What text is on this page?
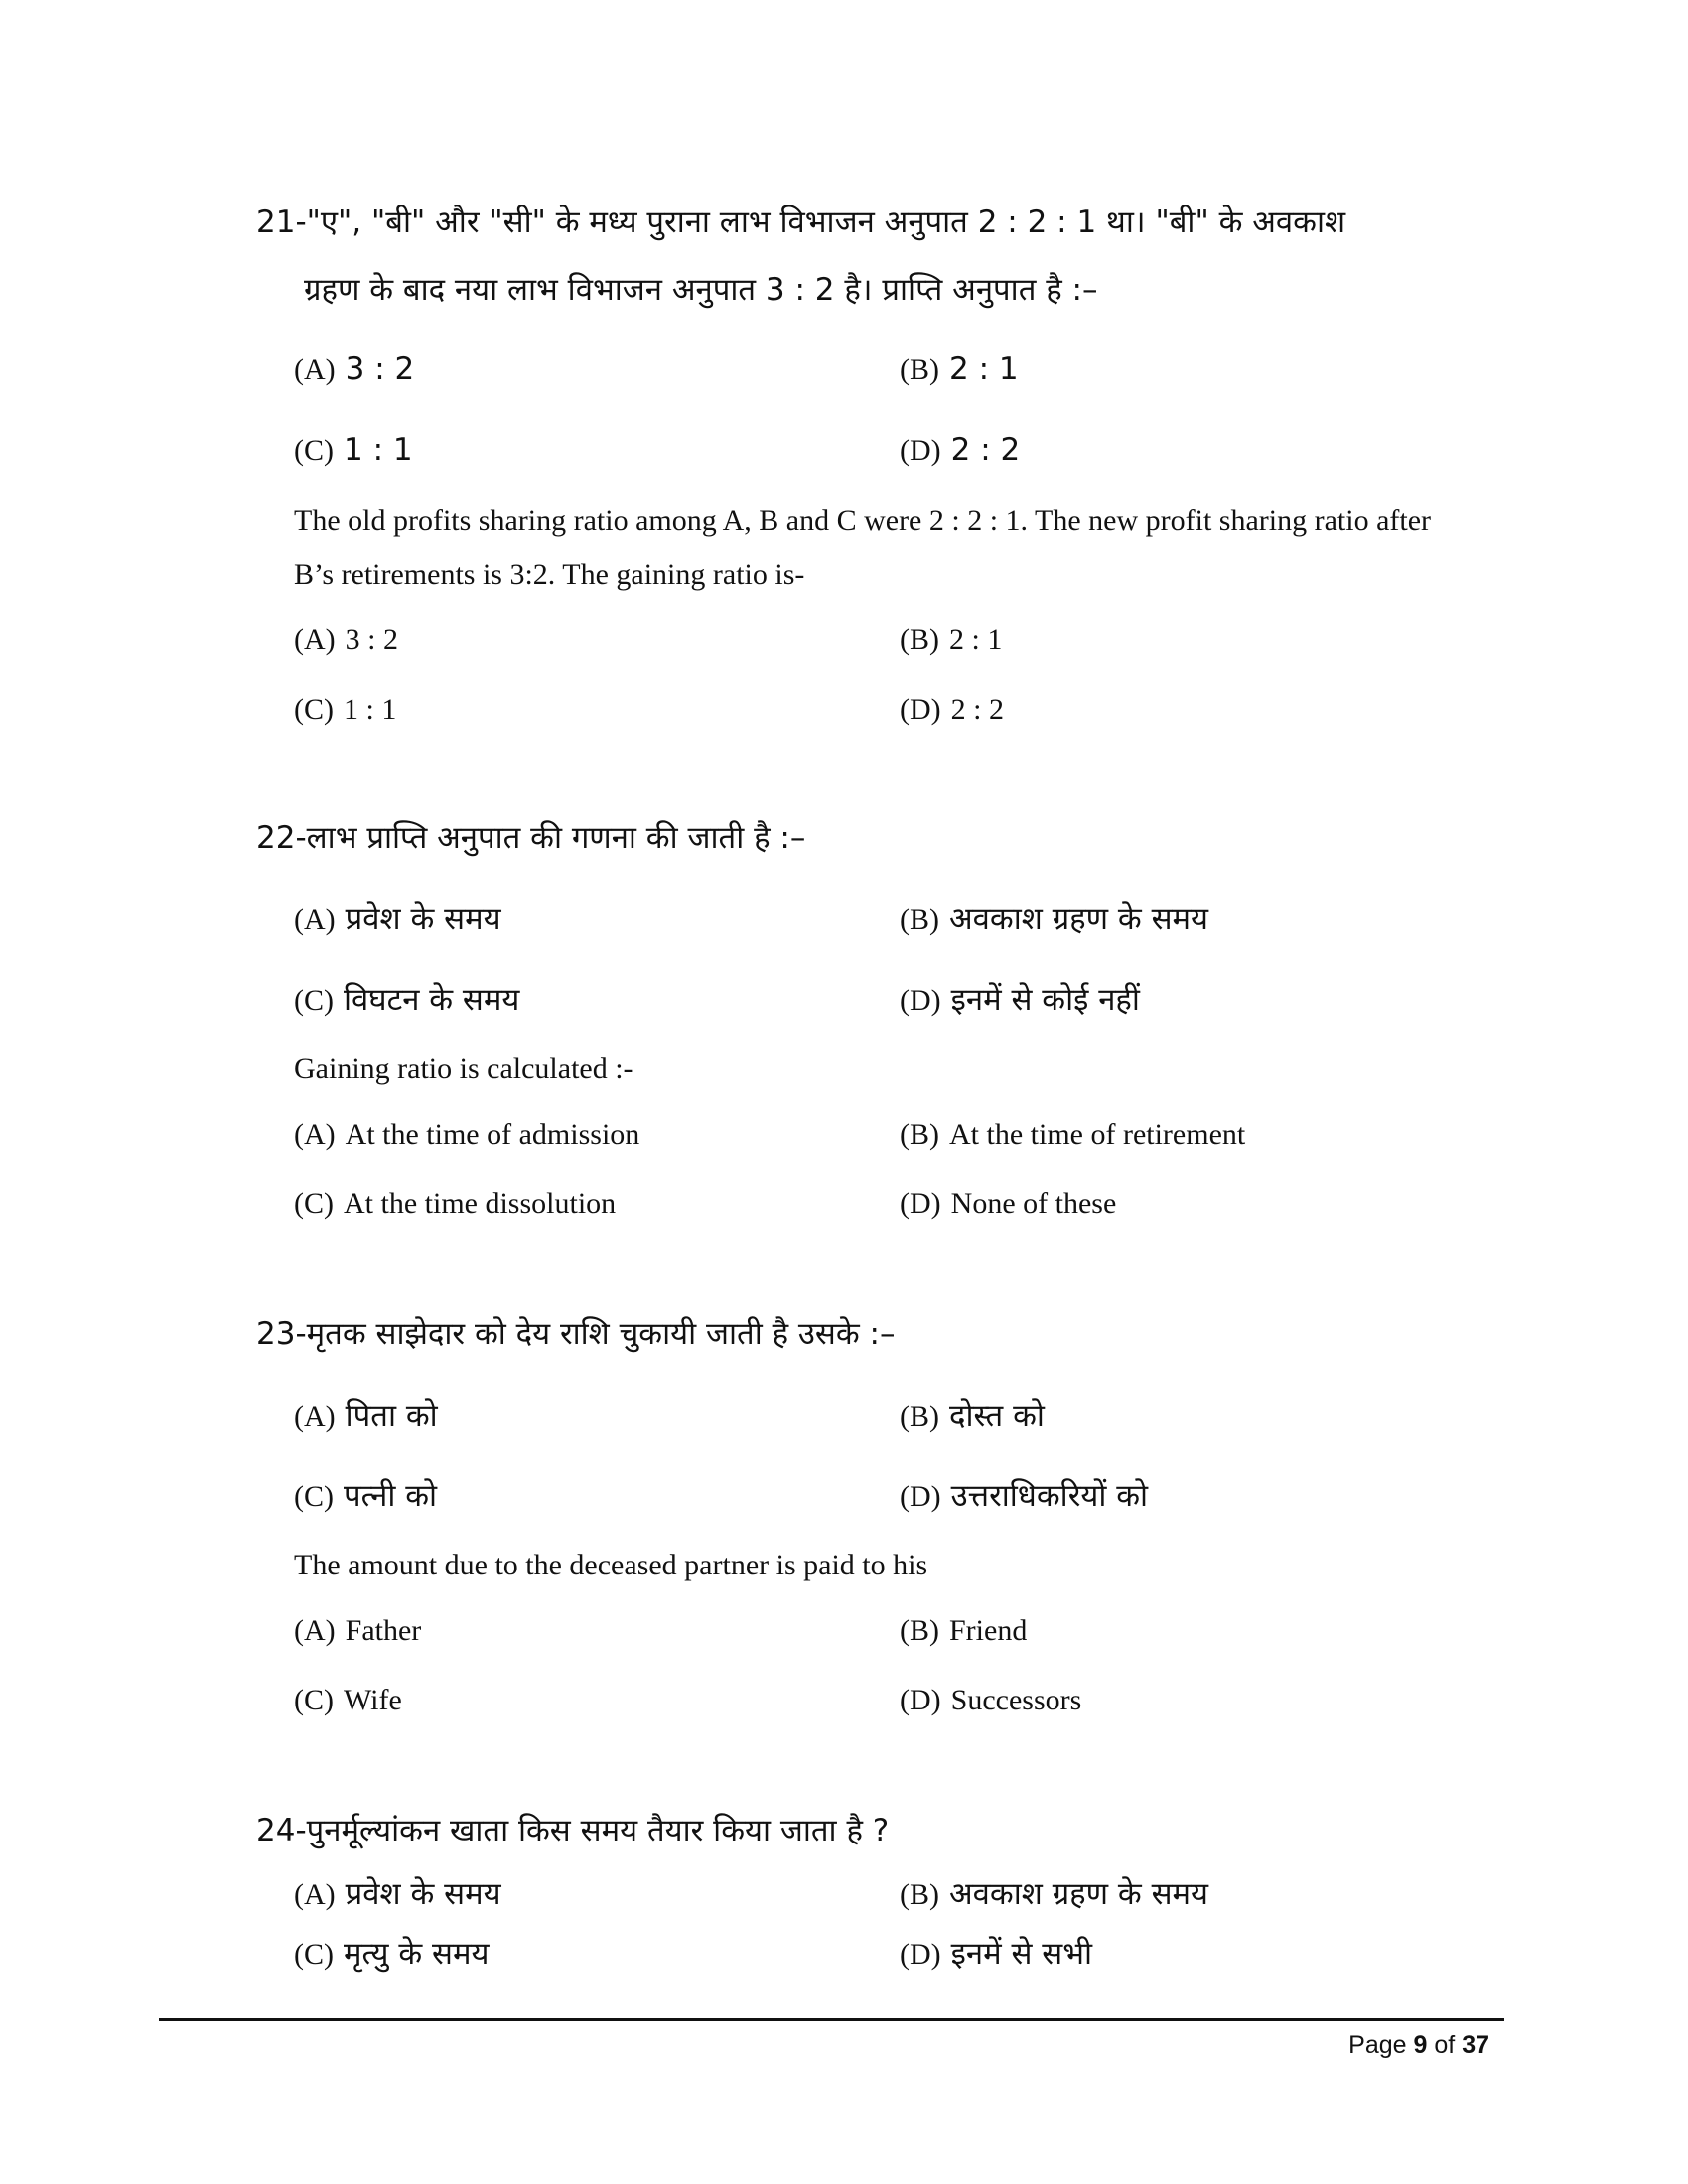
21-"ए", "बी" और "सी" के मध्य पुराना लाभ विभाजन अनुपात 2 : 2 : 1 था। "बी" के अवकाश
ग्रहण के बाद नया लाभ विभाजन अनुपात 3 : 2 है। प्राप्ति अनुपात है :–

(A) 3 : 2	(B) 2 : 1
(C) 1 : 1	(D) 2 : 2

The old profits sharing ratio among A, B and C were 2 : 2 : 1. The new profit sharing ratio after
B’s retirements is 3:2. The gaining ratio is-

(A) 3 : 2	(B) 2 : 1
(C) 1 : 1	(D) 2 : 2

22-लाभ प्राप्ति अनुपात की गणना की जाती है :–

(A) प्रवेश के समय	(B) अवकाश ग्रहण के समय
(C) विघटन के समय	(D) इनमें से कोई नहीं

Gaining ratio is calculated :-

(A) At the time of admission	(B) At the time of retirement
(C) At the time dissolution	(D) None of these

23-मृतक साझेदार को देय राशि चुकायी जाती है उसके :–

(A) पिता को	(B) दोस्त को
(C) पत्नी को	(D) उत्तराधिकरियों को

The amount due to the deceased partner is paid to his

(A) Father	(B) Friend
(C) Wife	(D) Successors

24-पुनर्मूल्यांकन खाता किस समय तैयार किया जाता है ?

(A) प्रवेश के समय	(B) अवकाश ग्रहण के समय
(C) मृत्यु के समय	(D) इनमें से सभी
Page 9 of 37
